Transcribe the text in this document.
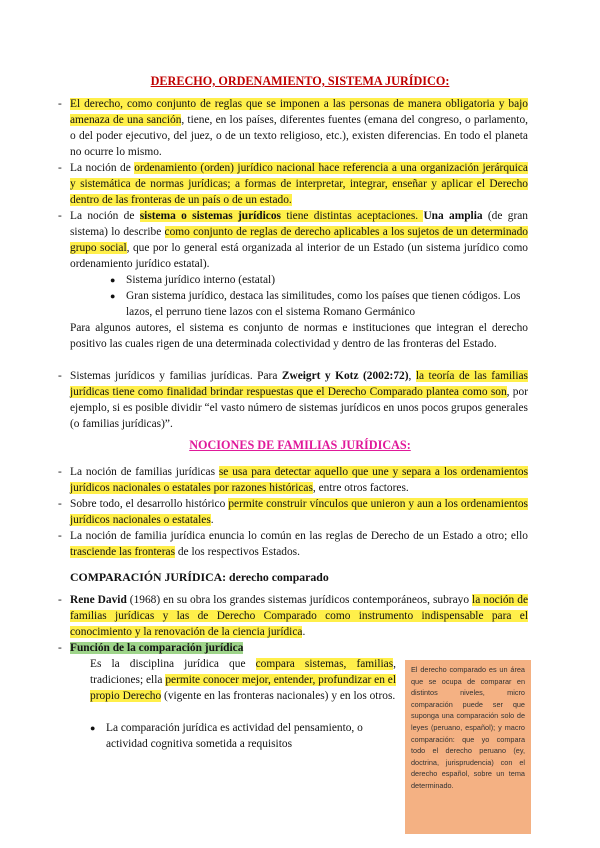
DERECHO, ORDENAMIENTO, SISTEMA JURÍDICO:
- El derecho, como conjunto de reglas que se imponen a las personas de manera obligatoria y bajo amenaza de una sanción, tiene, en los países, diferentes fuentes (emana del congreso, o parlamento, o del poder ejecutivo, del juez, o de un texto religioso, etc.), existen diferencias. En todo el planeta no ocurre lo mismo.
- La noción de ordenamiento (orden) jurídico nacional hace referencia a una organización jerárquica y sistemática de normas jurídicas; a formas de interpretar, integrar, enseñar y aplicar el Derecho dentro de las fronteras de un país o de un estado.
- La noción de sistema o sistemas jurídicos tiene distintas aceptaciones. Una amplia (de gran sistema) lo describe como conjunto de reglas de derecho aplicables a los sujetos de un determinado grupo social, que por lo general está organizada al interior de un Estado (un sistema jurídico como ordenamiento jurídico estatal).
● Sistema jurídico interno (estatal)
● Gran sistema jurídico, destaca las similitudes, como los países que tienen códigos. Los lazos, el perruno tiene lazos con el sistema Romano Germánico
Para algunos autores, el sistema es conjunto de normas e instituciones que integran el derecho positivo las cuales rigen de una determinada colectividad y dentro de las fronteras del Estado.
- Sistemas jurídicos y familias jurídicas. Para Zweigrt y Kotz (2002:72), la teoría de las familias jurídicas tiene como finalidad brindar respuestas que el Derecho Comparado plantea como son, por ejemplo, si es posible dividir “el vasto número de sistemas jurídicos en unos pocos grupos generales (o familias jurídicas)”.
NOCIONES DE FAMILIAS JURÍDICAS:
- La noción de familias jurídicas se usa para detectar aquello que une y separa a los ordenamientos jurídicos nacionales o estatales por razones históricas, entre otros factores.
- Sobre todo, el desarrollo histórico permite construir vínculos que unieron y aun a los ordenamientos jurídicos nacionales o estatales.
- La noción de familia jurídica enuncia lo común en las reglas de Derecho de un Estado a otro; ello trasciende las fronteras de los respectivos Estados.
COMPARACIÓN JURÍDICA: derecho comparado
- Rene David (1968) en su obra los grandes sistemas jurídicos contemporáneos, subrayo la noción de familias jurídicas y las de Derecho Comparado como instrumento indispensable para el conocimiento y la renovación de la ciencia jurídica.
- Función de la comparación jurídica
Es la disciplina jurídica que compara sistemas, familias, tradiciones; ella permite conocer mejor, entender, profundizar en el propio Derecho (vigente en las fronteras nacionales) y en los otros.
● La comparación jurídica es actividad del pensamiento, o actividad cognitiva sometida a requisitos
El derecho comparado es un área que se ocupa de comparar en distintos niveles, micro comparación puede ser que suponga una comparación solo de leyes (peruano, español); y macro comparación: que yo compara todo el derecho peruano (ey, doctrina, jurisprudencia) con el derecho español, sobre un tema determinado.
